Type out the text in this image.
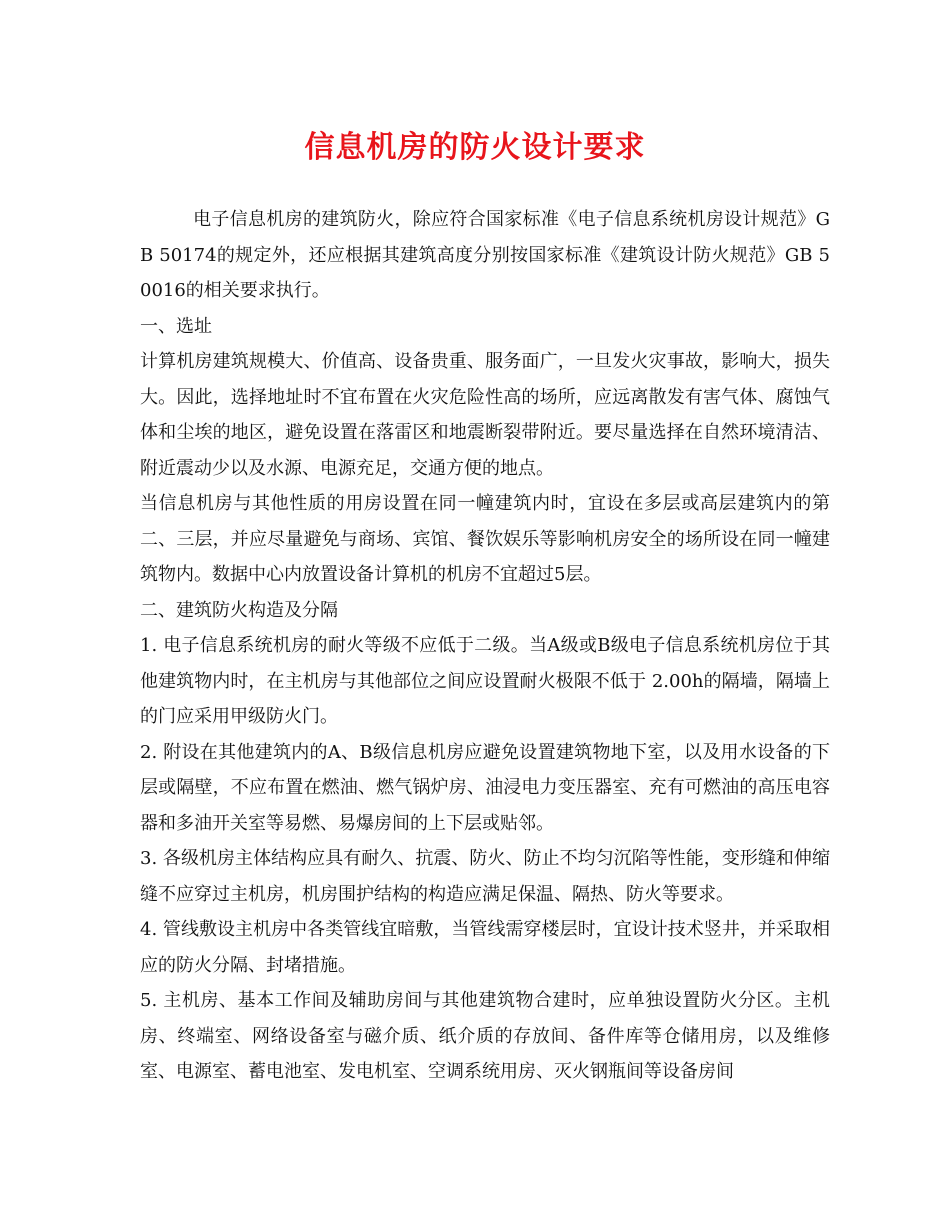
信息机房的防火设计要求

电子信息机房的建筑防火，除应符合国家标准《电子信息系统机房设计规范》GB 50174的规定外，还应根据其建筑高度分别按国家标准《建筑设计防火规范》GB 50016的相关要求执行。

一、选址

计算机房建筑规模大、价值高、设备贵重、服务面广，一旦发火灾事故，影响大，损失大。因此，选择地址时不宜布置在火灾危险性高的场所，应远离散发有害气体、腐蚀气体和尘埃的地区，避免设置在落雷区和地震断裂带附近。要尽量选择在自然环境清洁、附近震动少以及水源、电源充足，交通方便的地点。

当信息机房与其他性质的用房设置在同一幢建筑内时，宜设在多层或高层建筑内的第二、三层，并应尽量避免与商场、宾馆、餐饮娱乐等影响机房安全的场所设在同一幢建筑物内。数据中心内放置设备计算机的机房不宜超过5层。

二、建筑防火构造及分隔

1. 电子信息系统机房的耐火等级不应低于二级。当A级或B级电子信息系统机房位于其他建筑物内时，在主机房与其他部位之间应设置耐火极限不低于 2.00h的隔墙，隔墙上的门应采用甲级防火门。

2. 附设在其他建筑内的A、B级信息机房应避免设置建筑物地下室，以及用水设备的下层或隔壁，不应布置在燃油、燃气锅炉房、油浸电力变压器室、充有可燃油的高压电容器和多油开关室等易燃、易爆房间的上下层或贴邻。

3. 各级机房主体结构应具有耐久、抗震、防火、防止不均匀沉陷等性能，变形缝和伸缩缝不应穿过主机房，机房围护结构的构造应满足保温、隔热、防火等要求。

4. 管线敷设主机房中各类管线宜暗敷，当管线需穿楼层时，宜设计技术竖井，并采取相应的防火分隔、封堵措施。

5. 主机房、基本工作间及辅助房间与其他建筑物合建时，应单独设置防火分区。主机房、终端室、网络设备室与磁介质、纸介质的存放间、备件库等仓储用房，以及维修室、电源室、蓄电池室、发电机室、空调系统用房、灭火钢瓶间等设备房间
